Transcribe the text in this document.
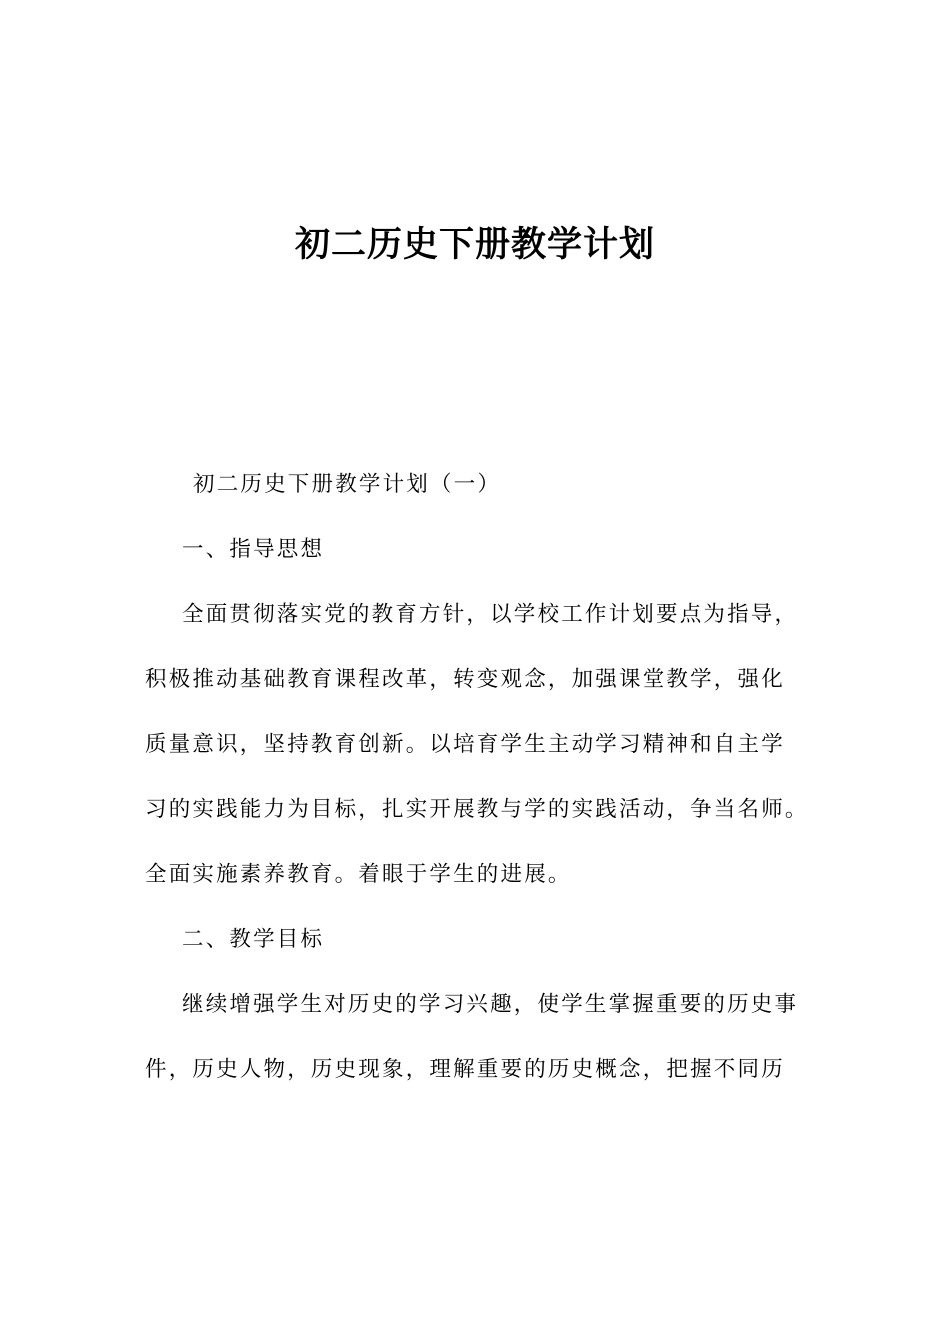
初二历史下册教学计划

初二历史下册教学计划（一）

一、指导思想

全面贯彻落实党的教育方针，以学校工作计划要点为指导，

积极推动基础教育课程改革，转变观念，加强课堂教学，强化

质量意识，坚持教育创新。以培育学生主动学习精神和自主学

习的实践能力为目标，扎实开展教与学的实践活动，争当名师。

全面实施素养教育。着眼于学生的进展。

二、教学目标

继续增强学生对历史的学习兴趣，使学生掌握重要的历史事

件，历史人物，历史现象，理解重要的历史概念，把握不同历
